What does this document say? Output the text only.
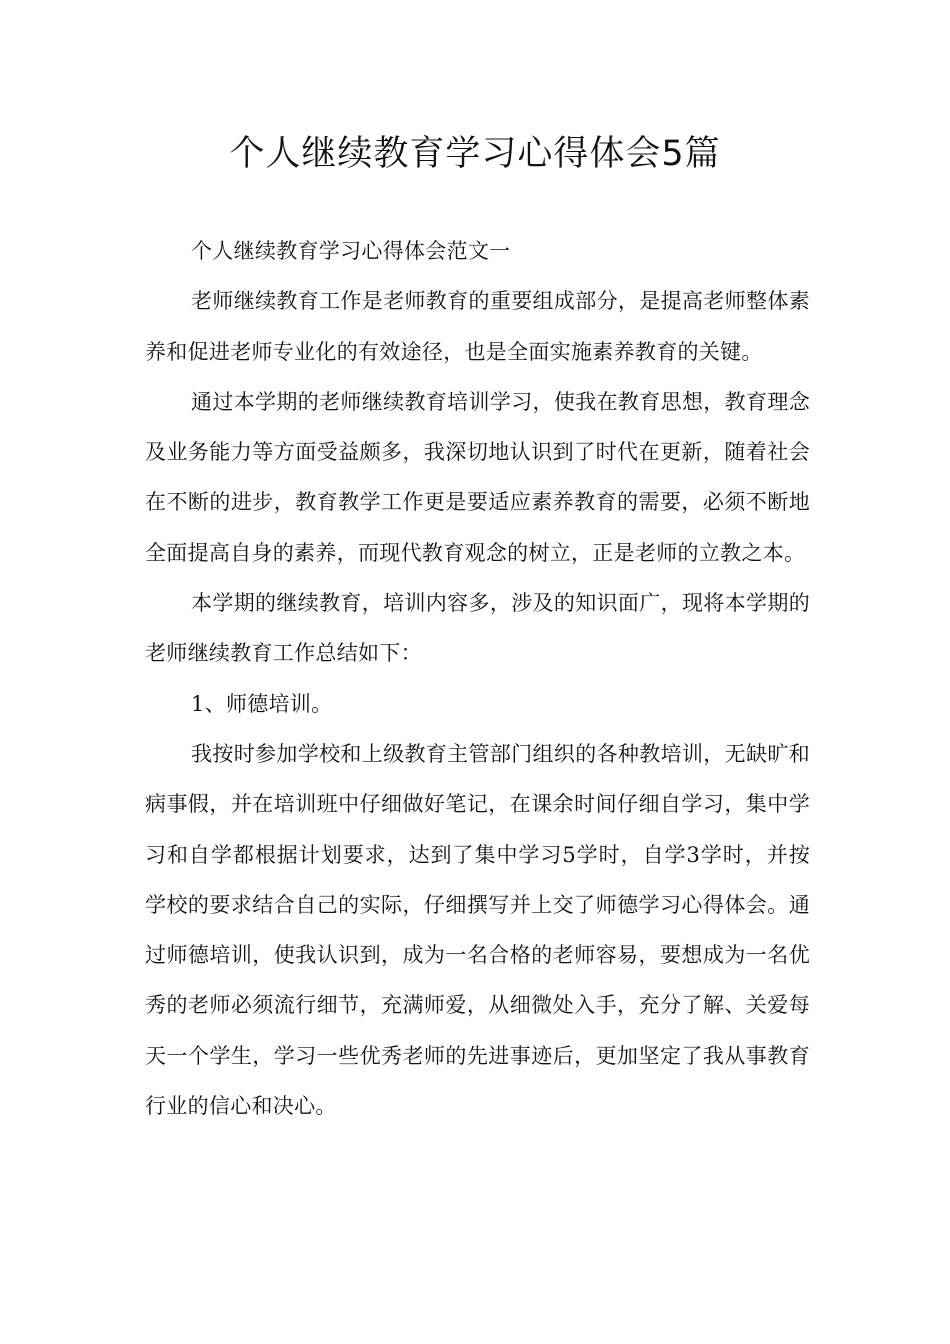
个人继续教育学习心得体会5篇

个人继续教育学习心得体会范文一

老师继续教育工作是老师教育的重要组成部分，是提高老师整体素养和促进老师专业化的有效途径，也是全面实施素养教育的关键。

通过本学期的老师继续教育培训学习，使我在教育思想，教育理念及业务能力等方面受益颇多，我深切地认识到了时代在更新，随着社会在不断的进步，教育教学工作更是要适应素养教育的需要，必须不断地全面提高自身的素养，而现代教育观念的树立，正是老师的立教之本。

本学期的继续教育，培训内容多，涉及的知识面广，现将本学期的老师继续教育工作总结如下：

1、师德培训。

我按时参加学校和上级教育主管部门组织的各种教培训，无缺旷和病事假，并在培训班中仔细做好笔记，在课余时间仔细自学习，集中学习和自学都根据计划要求，达到了集中学习5学时，自学3学时，并按学校的要求结合自己的实际，仔细撰写并上交了师德学习心得体会。通过师德培训，使我认识到，成为一名合格的老师容易，要想成为一名优秀的老师必须流行细节，充满师爱，从细微处入手，充分了解、关爱每天一个学生，学习一些优秀老师的先进事迹后，更加坚定了我从事教育行业的信心和决心。
